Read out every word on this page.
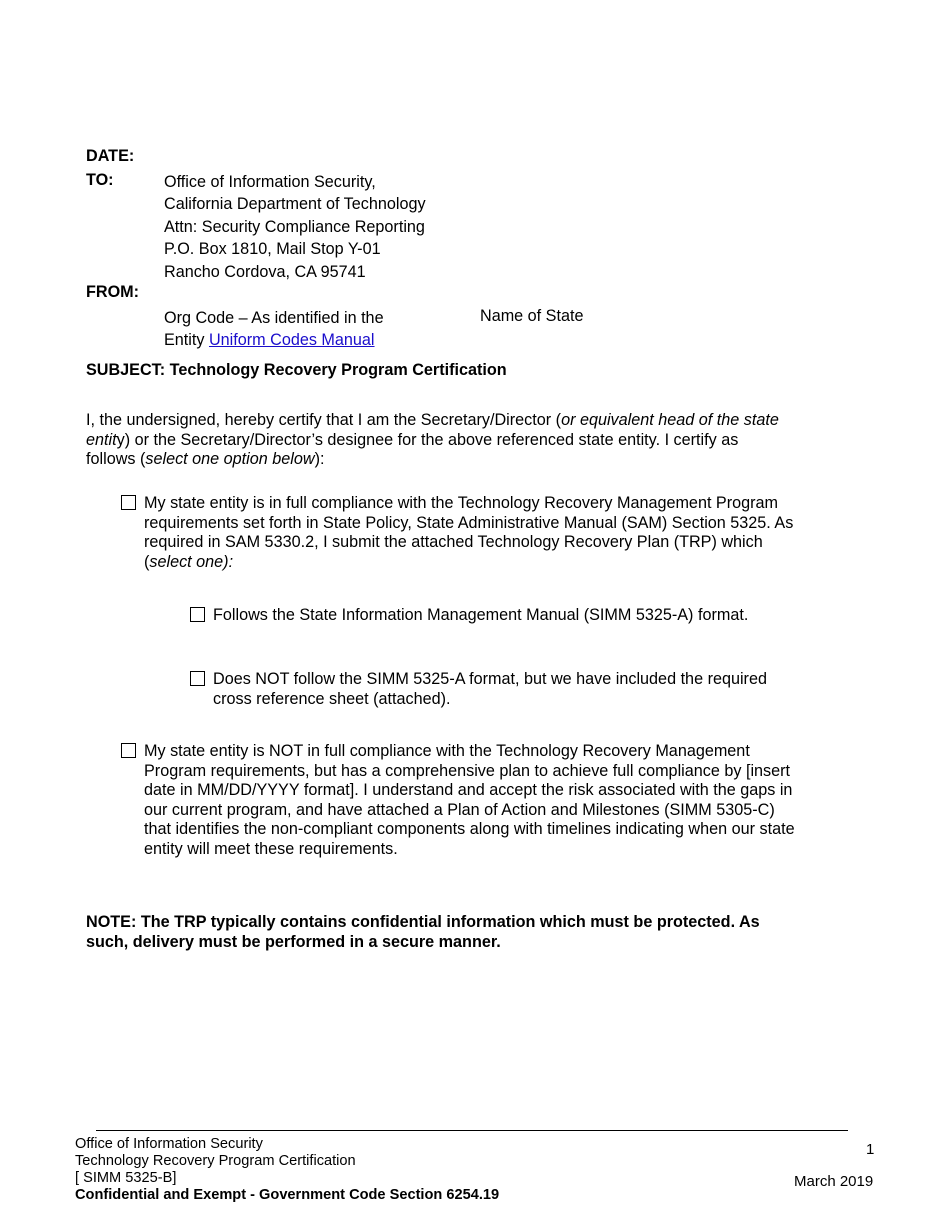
DATE:
TO:	Office of Information Security,
California Department of Technology
Attn: Security Compliance Reporting
P.O. Box 1810, Mail Stop Y-01
Rancho Cordova, CA 95741
FROM:
Org Code – As identified in the
Entity Uniform Codes Manual
Name of State
SUBJECT: Technology Recovery Program Certification
I, the undersigned, hereby certify that I am the Secretary/Director (or equivalent head of the state
entity) or the Secretary/Director’s designee for the above referenced state entity. I certify as
follows (select one option below):
My state entity is in full compliance with the Technology Recovery Management Program
requirements set forth in State Policy, State Administrative Manual (SAM) Section 5325. As
required in SAM 5330.2, I submit the attached Technology Recovery Plan (TRP) which
(select one):
Follows the State Information Management Manual (SIMM 5325-A) format.
Does NOT follow the SIMM 5325-A format, but we have included the required
cross reference sheet (attached).
My state entity is NOT in full compliance with the Technology Recovery Management
Program requirements, but has a comprehensive plan to achieve full compliance by [insert
date in MM/DD/YYYY format]. I understand and accept the risk associated with the gaps in
our current program, and have attached a Plan of Action and Milestones (SIMM 5305-C)
that identifies the non-compliant components along with timelines indicating when our state
entity will meet these requirements.
NOTE: The TRP typically contains confidential information which must be protected. As
such, delivery must be performed in a secure manner.
Office of Information Security
Technology Recovery Program Certification
[ SIMM 5325-B]
Confidential and Exempt - Government Code Section 6254.19
1
March 2019
